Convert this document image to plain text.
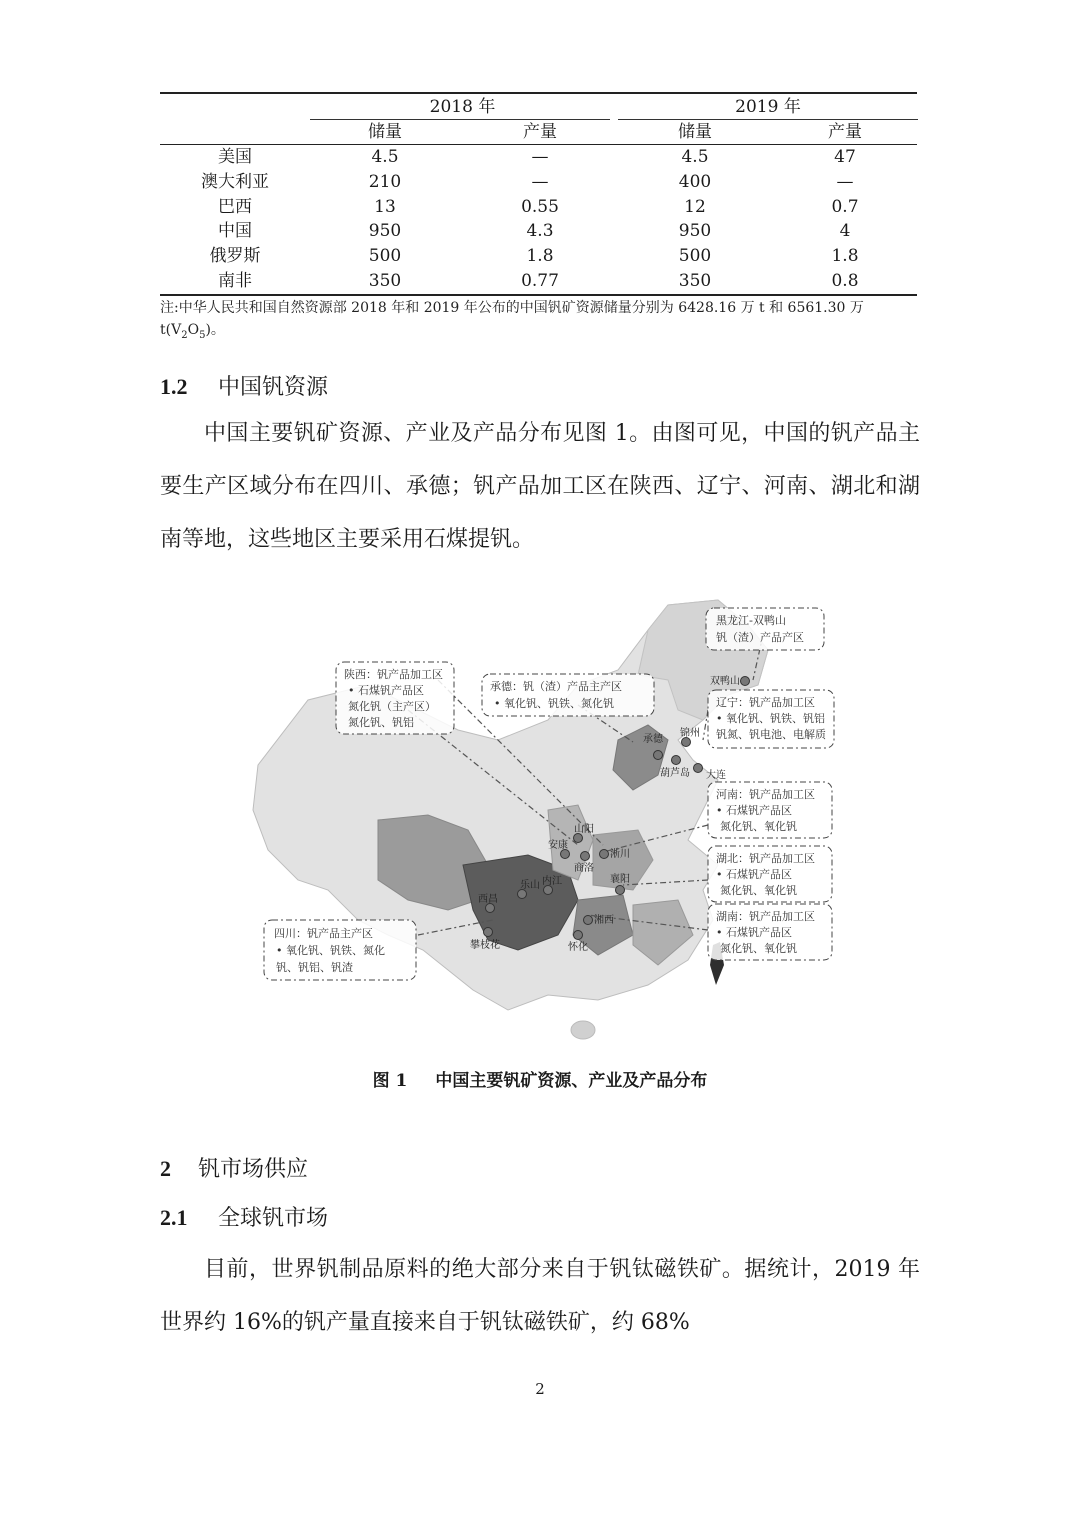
2018 年	2019 年
储量	产量	储量	产量
美国	4.5	—	4.5	47
澳大利亚	210	—	400	—
巴西	13	0.55	12	0.7
中国	950	4.3	950	4
俄罗斯	500	1.8	500	1.8
南非	350	0.77	350	0.8
注:中华人民共和国自然资源部 2018 年和 2019 年公布的中国钒矿资源储量分别为 6428.16 万 t 和 6561.30 万
$t(V_2O_5)$。
1.2 中国钒资源

中国主要钒矿资源、产业及产品分布见图 1。由图可见，中国的钒产品主要生产区域分布在四川、承德；钒产品加工区在陕西、辽宁、河南、湖北和湖南等地，这些地区主要采用石煤提钒。

陕西：钒产品加工区
• 石煤钒产品区
氮化钒（主产区）
氮化钒、钒铝
承德：钒（渣）产品主产区
• 氧化钒、钒铁、氮化钒
黑龙江-双鸭山
钒（渣）产品产区
辽宁：钒产品加工区
• 氧化钒、钒铁、钒铝
钒氮、钒电池、电解质
河南：钒产品加工区
• 石煤钒产品区
氮化钒、氧化钒
湖北：钒产品加工区
• 石煤钒产品区
氮化钒、氧化钒
湖南：钒产品加工区
• 石煤钒产品区
氮化钒、氧化钒
四川：钒产品主产区
• 氧化钒、钒铁、氮化
钒、钒铝、钒渣
双鸭山
承德
锦州
葫芦岛 大连
山阳
安康
商洛
淅川
襄阳
西昌
乐山 内江
攀枝花
湘西
怀化
图 1 中国主要钒矿资源、产业及产品分布
2 钒市场供应
2.1 全球钒市场

目前，世界钒制品原料的绝大部分来自于钒钛磁铁矿。据统计，2019 年世界约 16%的钒产量直接来自于钒钛磁铁矿，约 68%

2
